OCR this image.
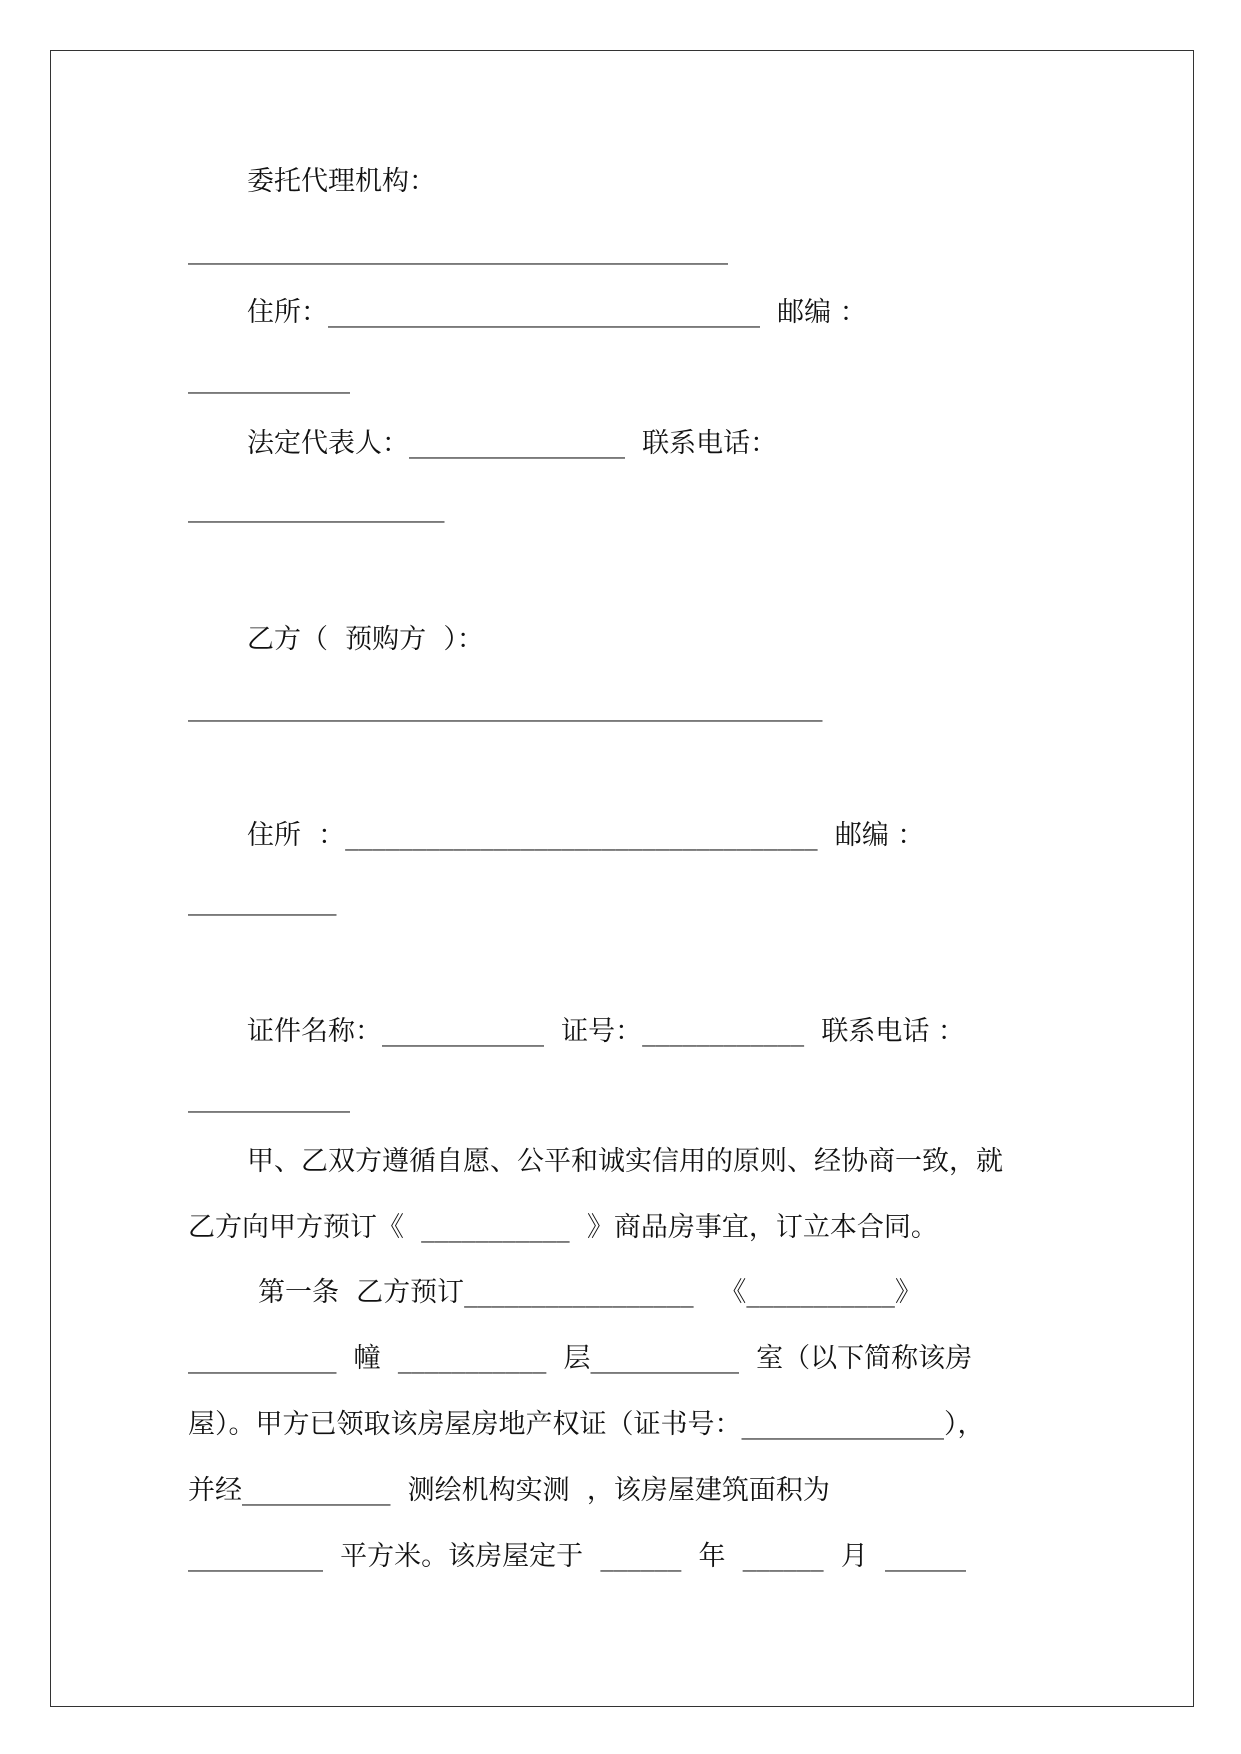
委托代理机构：
________________________________________
住所：________________________________  邮编 ：
____________
法定代表人：________________  联系电话：
___________________
乙方（  预购方  ）：
_______________________________________________
住所  ：___________________________________  邮编 ：
___________
证件名称：____________  证号：____________  联系电话 ：
____________
甲、乙双方遵循自愿、公平和诚实信用的原则、经协商一致，就
乙方向甲方预订《  ___________  》商品房事宜，订立本合同。
第一条  乙方预订_________________   《___________》
___________  幢  ___________  层___________  室（以下简称该房
屋）。甲方已领取该房屋房地产权证（证书号：_______________），
并经___________  测绘机构实测  ，该房屋建筑面积为
__________  平方米。该房屋定于  ______  年  ______  月  ______
